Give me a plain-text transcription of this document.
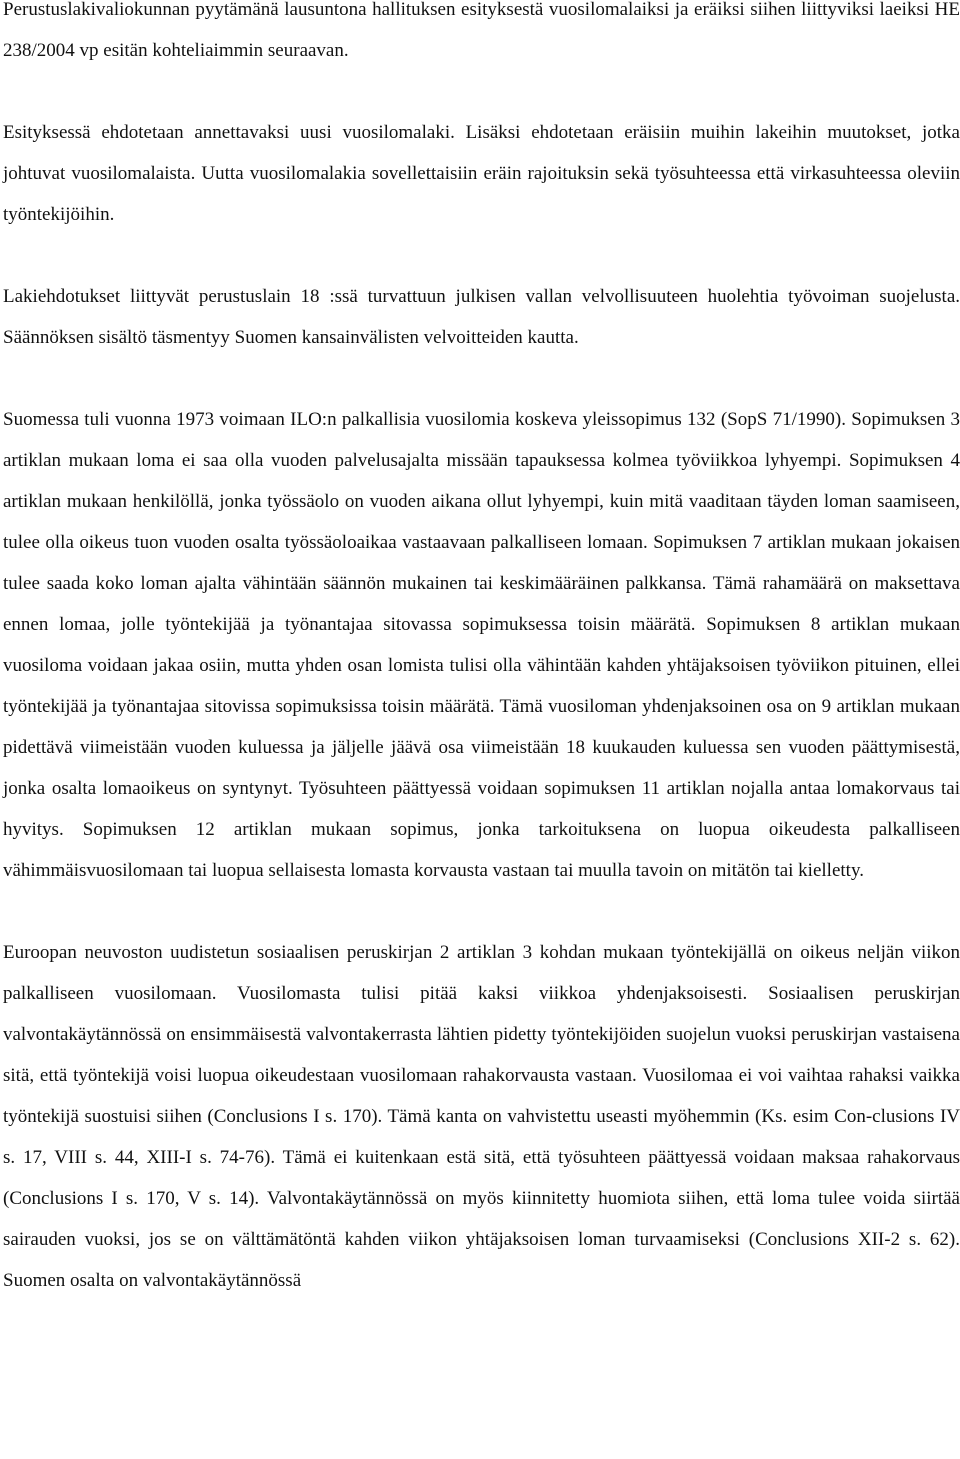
Perustuslakivaliokunnan pyytämänä lausuntona hallituksen esityksestä vuosilomalaiksi ja eräiksi siihen liittyviksi laeiksi HE 238/2004 vp esitän kohteliaimmin seuraavan.

Esityksessä ehdotetaan annettavaksi uusi vuosilomalaki. Lisäksi ehdotetaan eräisiin muihin lakeihin muutokset, jotka johtuvat vuosilomalaista. Uutta vuosilomalakia sovellettaisiin eräin rajoituksin sekä työsuhteessa että virkasuhteessa oleviin työntekijöihin.

Lakiehdotukset liittyvät perustuslain 18 :ssä turvattuun julkisen vallan velvollisuuteen huolehtia työvoiman suojelusta. Säännöksen sisältö täsmentyy Suomen kansainvälisten velvoitteiden kautta.

Suomessa tuli vuonna 1973 voimaan ILO:n palkallisia vuosilomia koskeva yleissopimus 132 (SopS 71/1990). Sopimuksen 3 artiklan mukaan loma ei saa olla vuoden palvelusajalta missään tapauksessa kolmea työviikkoa lyhyempi. Sopimuksen 4 artiklan mukaan henkilöllä, jonka työssäolo on vuoden aikana ollut lyhyempi, kuin mitä vaaditaan täyden loman saamiseen, tulee olla oikeus tuon vuoden osalta työssäoloaikaa vastaavaan palkalliseen lomaan. Sopimuksen 7 artiklan mukaan jokaisen tulee saada koko loman ajalta vähintään säännön mukainen tai keskimääräinen palkkansa. Tämä rahamäärä on maksettava ennen lomaa, jolle työntekijää ja työnantajaa sitovassa sopimuksessa toisin määrätä. Sopimuksen 8 artiklan mukaan vuosiloma voidaan jakaa osiin, mutta yhden osan lomista tulisi olla vähintään kahden yhtäjaksoisen työviikon pituinen, ellei työntekijää ja työnantajaa sitovissa sopimuksissa toisin määrätä. Tämä vuosiloman yhdenjaksoinen osa on 9 artiklan mukaan pidettävä viimeistään vuoden kuluessa ja jäljelle jäävä osa viimeistään 18 kuukauden kuluessa sen vuoden päättymisestä, jonka osalta lomaoikeus on syntynyt. Työsuhteen päättyessä voidaan sopimuksen 11 artiklan nojalla antaa lomakorvaus tai hyvitys. Sopimuksen 12 artiklan mukaan sopimus, jonka tarkoituksena on luopua oikeudesta palkalliseen vähimmäisvuosilomaan tai luopua sellaisesta lomasta korvausta vastaan tai muulla tavoin on mitätön tai kielletty.

Euroopan neuvoston uudistetun sosiaalisen peruskirjan 2 artiklan 3 kohdan mukaan työntekijällä on oikeus neljän viikon palkalliseen vuosilomaan. Vuosilomasta tulisi pitää kaksi viikkoa yhdenjaksoisesti. Sosiaalisen peruskirjan valvontakäytännössä on ensimmäisestä valvontakerrasta lähtien pidetty työntekijöiden suojelun vuoksi peruskirjan vastaisena sitä, että työntekijä voisi luopua oikeudestaan vuosilomaan rahakorvausta vastaan. Vuosilomaa ei voi vaihtaa rahaksi vaikka työntekijä suostuisi siihen (Conclusions I s. 170). Tämä kanta on vahvistettu useasti myöhemmin (Ks. esim Con-clusions IV s. 17, VIII s. 44, XIII-I s. 74-76). Tämä ei kuitenkaan estä sitä, että työsuhteen päättyessä voidaan maksaa rahakorvaus (Conclusions I s. 170, V s. 14). Valvontakäytännössä on myös kiinnitetty huomiota siihen, että loma tulee voida siirtää sairauden vuoksi, jos se on välttämätöntä kahden viikon yhtäjaksoisen loman turvaamiseksi (Conclusions XII-2 s. 62). Suomen osalta on valvontakäytännössä
